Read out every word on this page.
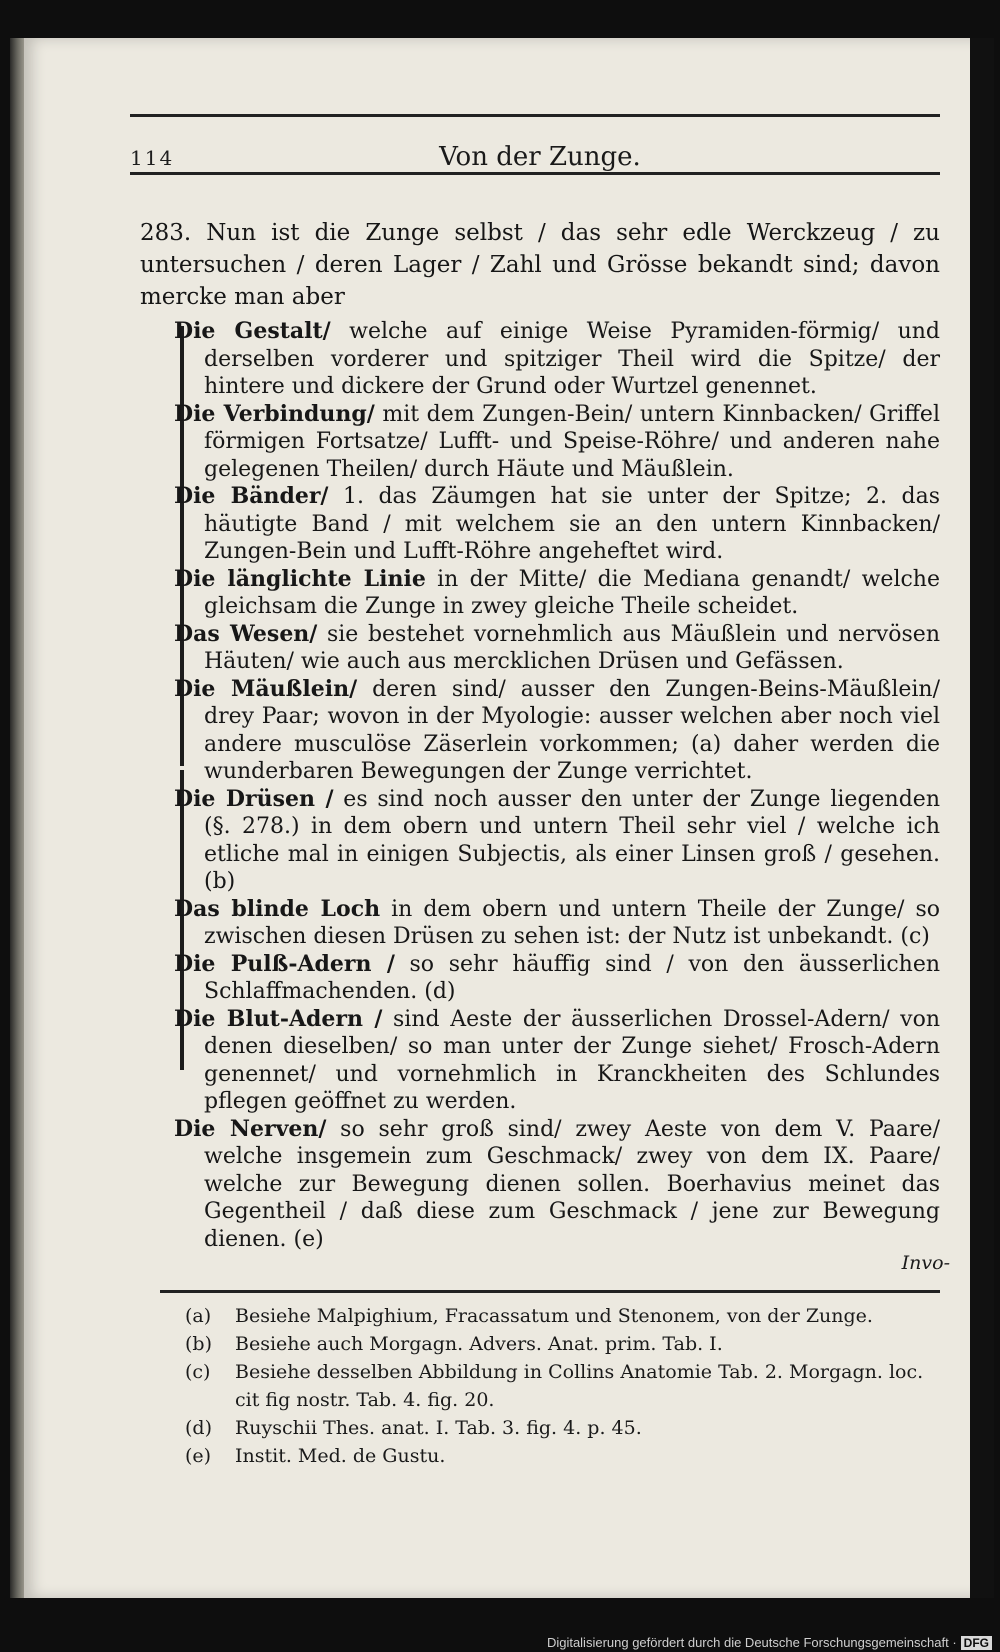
114	Von der Zunge.

283. Nun ist die Zunge selbst / das sehr edle Werckzeug / zu untersuchen / deren Lager / Zahl und Grösse bekandt sind; davon mercke man aber

Die Gestalt/ welche auf einige Weise Pyramiden-förmig/ und derselben vorderer und spitziger Theil wird die Spitze/ der hintere und dickere der Grund oder Wurtzel genennet.

Die Verbindung/ mit dem Zungen-Bein/ untern Kinnbacken/ Griffel förmigen Fortsatze/ Lufft- und Speise-Röhre/ und anderen nahe gelegenen Theilen/ durch Häute und Mäußlein.

Die Bänder/ 1. das Zäumgen hat sie unter der Spitze; 2. das häutigte Band / mit welchem sie an den untern Kinnbacken/ Zungen-Bein und Lufft-Röhre angeheftet wird.

Die länglichte Linie in der Mitte/ die Mediana genandt/ welche gleichsam die Zunge in zwey gleiche Theile scheidet.

Das Wesen/ sie bestehet vornehmlich aus Mäußlein und nervösen Häuten/ wie auch aus mercklichen Drüsen und Gefässen.

Die Mäußlein/ deren sind/ ausser den Zungen-Beins-Mäußlein/ drey Paar; wovon in der Myologie: ausser welchen aber noch viel andere musculöse Zäserlein vorkommen; (a) daher werden die wunderbaren Bewegungen der Zunge verrichtet.

Die Drüsen / es sind noch ausser den unter der Zunge liegenden (§. 278.) in dem obern und untern Theil sehr viel / welche ich etliche mal in einigen Subjectis, als einer Linsen groß / gesehen. (b)

Das blinde Loch in dem obern und untern Theile der Zunge/ so zwischen diesen Drüsen zu sehen ist: der Nutz ist unbekandt. (c)

Die Pulß-Adern / so sehr häuffig sind / von den äusserlichen Schlaffmachenden. (d)

Die Blut-Adern / sind Aeste der äusserlichen Drossel-Adern/ von denen dieselben/ so man unter der Zunge siehet/ Frosch-Adern genennet/ und vornehmlich in Kranckheiten des Schlundes pflegen geöffnet zu werden.

Die Nerven/ so sehr groß sind/ zwey Aeste von dem V. Paare/ welche insgemein zum Geschmack/ zwey von dem IX. Paare/ welche zur Bewegung dienen sollen. Boerhavius meinet das Gegentheil / daß diese zum Geschmack / jene zur Bewegung dienen. (e)

Invo-

(a) Besiehe Malpighium, Fracassatum und Stenonem, von der Zunge.

(b) Besiehe auch Morgagn. Advers. Anat. prim. Tab. I.

(c) Besiehe desselben Abbildung in Collins Anatomie Tab. 2. Morgagn. loc. cit fig nostr. Tab. 4. fig. 20.

(d) Ruyschii Thes. anat. I. Tab. 3. fig. 4. p. 45.

(e) Instit. Med. de Gustu.

Digitalisierung gefördert durch die Deutsche Forschungsgemeinschaft · DFG
